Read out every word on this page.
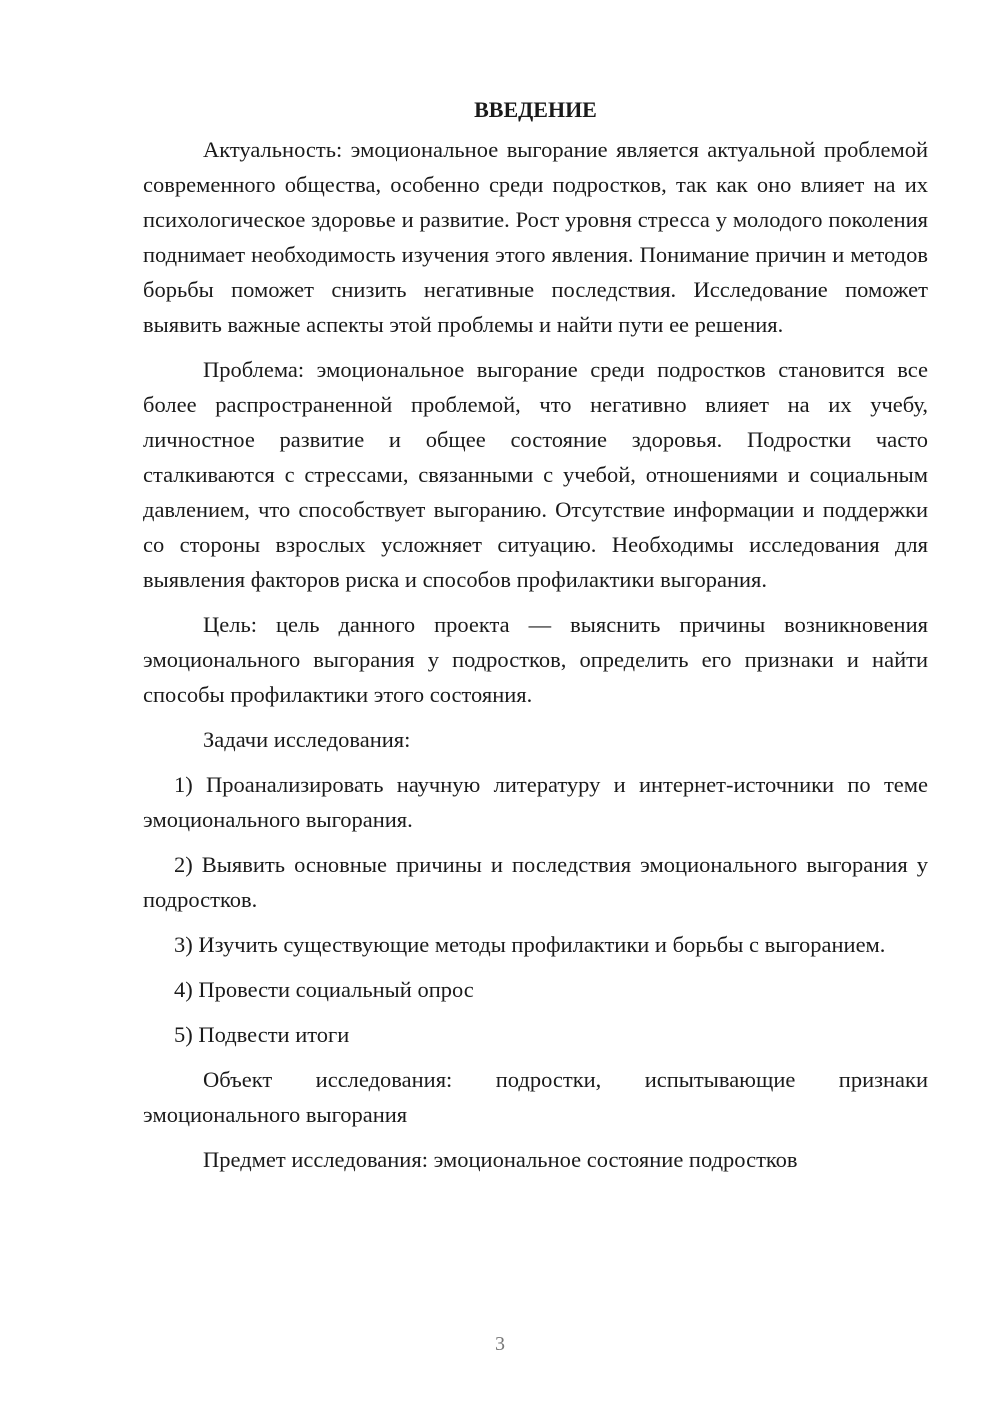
ВВЕДЕНИЕ

Актуальность: эмоциональное выгорание является актуальной проблемой современного общества, особенно среди подростков, так как оно влияет на их психологическое здоровье и развитие. Рост уровня стресса у молодого поколения поднимает необходимость изучения этого явления. Понимание причин и методов борьбы поможет снизить негативные последствия. Исследование поможет выявить важные аспекты этой проблемы и найти пути ее решения.

Проблема: эмоциональное выгорание среди подростков становится все более распространенной проблемой, что негативно влияет на их учебу, личностное развитие и общее состояние здоровья. Подростки часто сталкиваются с стрессами, связанными с учебой, отношениями и социальным давлением, что способствует выгоранию. Отсутствие информации и поддержки со стороны взрослых усложняет ситуацию. Необходимы исследования для выявления факторов риска и способов профилактики выгорания.

Цель: цель данного проекта — выяснить причины возникновения эмоционального выгорания у подростков, определить его признаки и найти способы профилактики этого состояния.

Задачи исследования:

1) Проанализировать научную литературу и интернет-источники по теме эмоционального выгорания.

2) Выявить основные причины и последствия эмоционального выгорания у подростков.

3) Изучить существующие методы профилактики и борьбы с выгоранием.

4) Провести социальный опрос

5) Подвести итоги

Объект исследования: подростки, испытывающие признаки эмоционального выгорания

Предмет исследования: эмоциональное состояние подростков

3
